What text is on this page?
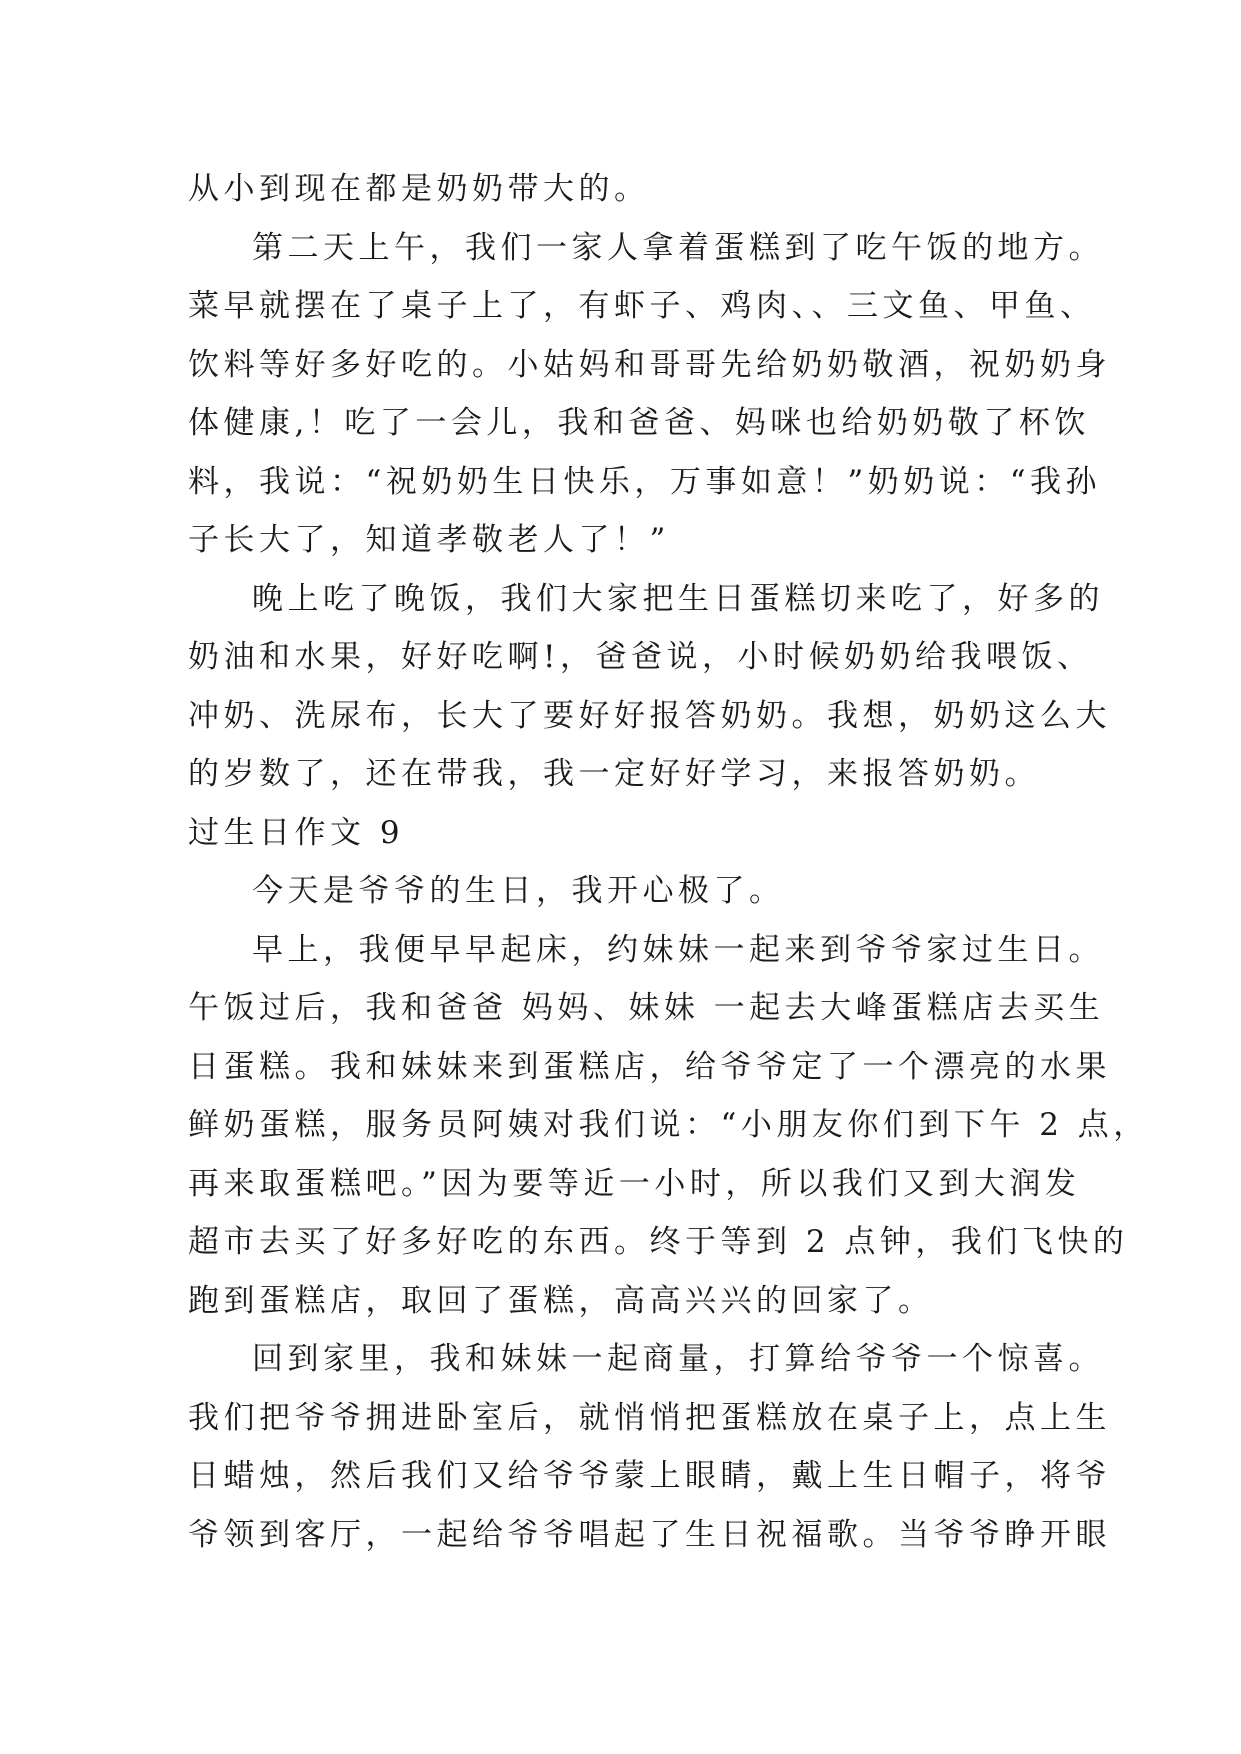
从小到现在都是奶奶带大的。
第二天上午，我们一家人拿着蛋糕到了吃午饭的地方。
菜早就摆在了桌子上了，有虾子、鸡肉、、三文鱼、甲鱼、
饮料等好多好吃的。小姑妈和哥哥先给奶奶敬酒，祝奶奶身
体健康,！吃了一会儿，我和爸爸、妈咪也给奶奶敬了杯饮
料，我说：“祝奶奶生日快乐，万事如意！”奶奶说：“我孙
子长大了，知道孝敬老人了！”
晚上吃了晚饭，我们大家把生日蛋糕切来吃了，好多的
奶油和水果，好好吃啊!，爸爸说，小时候奶奶给我喂饭、
冲奶、洗尿布，长大了要好好报答奶奶。我想，奶奶这么大
的岁数了，还在带我，我一定好好学习，来报答奶奶。
过生日作文 9
今天是爷爷的生日，我开心极了。
早上，我便早早起床，约妹妹一起来到爷爷家过生日。
午饭过后，我和爸爸 妈妈、妹妹 一起去大峰蛋糕店去买生
日蛋糕。我和妹妹来到蛋糕店，给爷爷定了一个漂亮的水果
鲜奶蛋糕，服务员阿姨对我们说：“小朋友你们到下午 2 点，
再来取蛋糕吧。”因为要等近一小时，所以我们又到大润发
超市去买了好多好吃的东西。终于等到 2 点钟，我们飞快的
跑到蛋糕店，取回了蛋糕，高高兴兴的回家了。
回到家里，我和妹妹一起商量，打算给爷爷一个惊喜。
我们把爷爷拥进卧室后，就悄悄把蛋糕放在桌子上，点上生
日蜡烛，然后我们又给爷爷蒙上眼睛，戴上生日帽子，将爷
爷领到客厅，一起给爷爷唱起了生日祝福歌。当爷爷睁开眼
